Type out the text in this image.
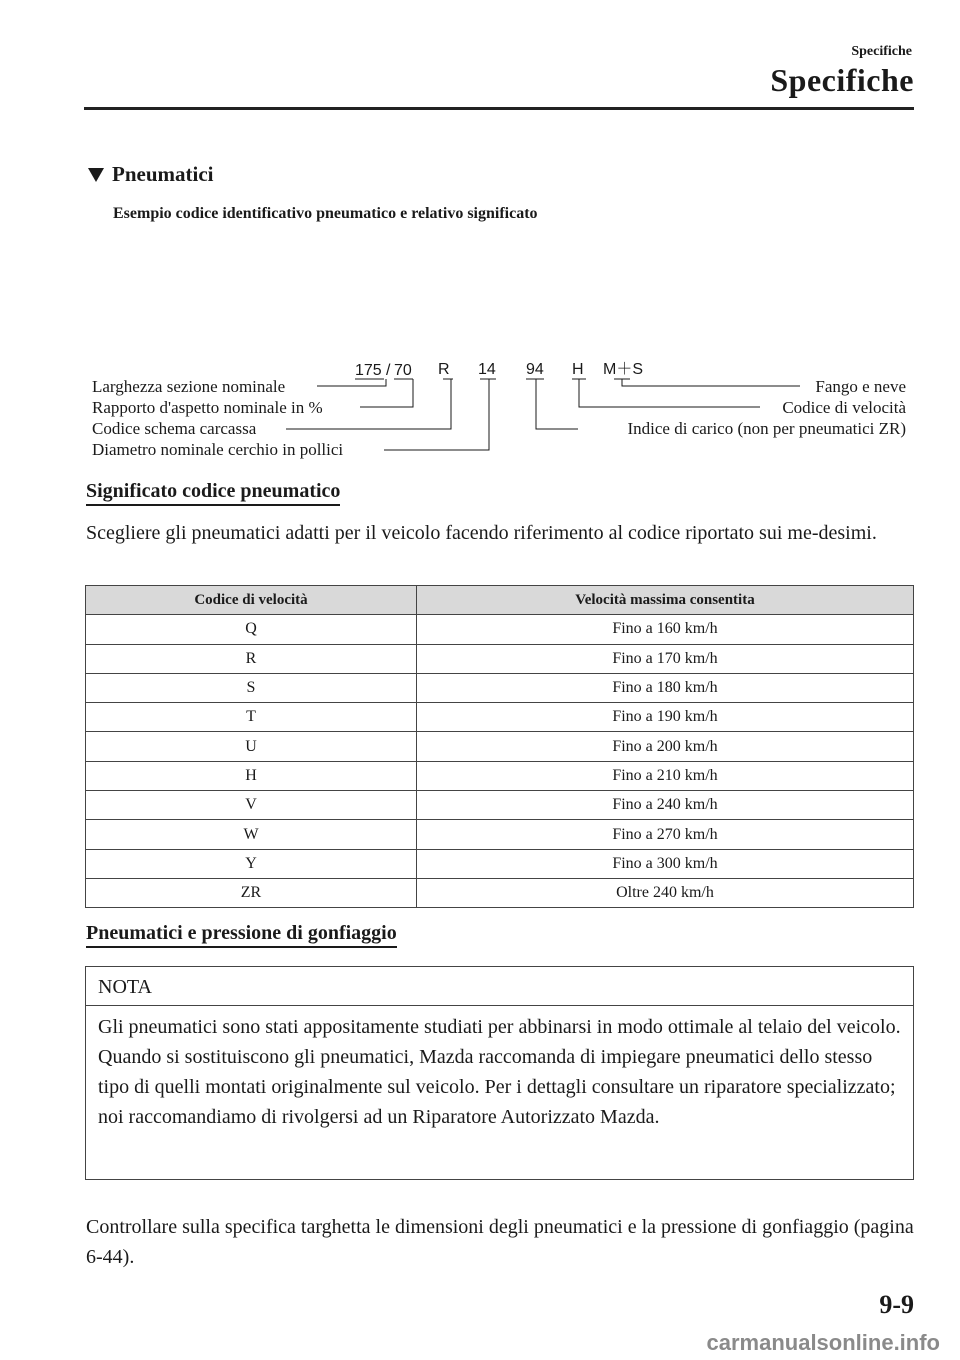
Specifiche
Specifiche
Pneumatici
Esempio codice identificativo pneumatico e relativo significato
175 / 70 R 14 94 H M＋S
Larghezza sezione nominale
Rapporto d'aspetto nominale in %
Codice schema carcassa
Diametro nominale cerchio in pollici
Fango e neve
Codice di velocità
Indice di carico (non per pneumatici ZR)
Significato codice pneumatico
Scegliere gli pneumatici adatti per il veicolo facendo riferimento al codice riportato sui me-desimi.
Codice di velocità	Velocità massima consentita
Q	Fino a 160 km/h
R	Fino a 170 km/h
S	Fino a 180 km/h
T	Fino a 190 km/h
U	Fino a 200 km/h
H	Fino a 210 km/h
V	Fino a 240 km/h
W	Fino a 270 km/h
Y	Fino a 300 km/h
ZR	Oltre 240 km/h
Pneumatici e pressione di gonfiaggio
NOTA
Gli pneumatici sono stati appositamente studiati per abbinarsi in modo ottimale al telaio del veicolo.
Quando si sostituiscono gli pneumatici, Mazda raccomanda di impiegare pneumatici dello stesso tipo di quelli montati originalmente sul veicolo. Per i dettagli consultare un riparatore specializzato; noi raccomandiamo di rivolgersi ad un Riparatore Autorizzato Mazda.
Controllare sulla specifica targhetta le dimensioni degli pneumatici e la pressione di gonfiaggio (pagina 6-44).
9-9
carmanualsonline.info
